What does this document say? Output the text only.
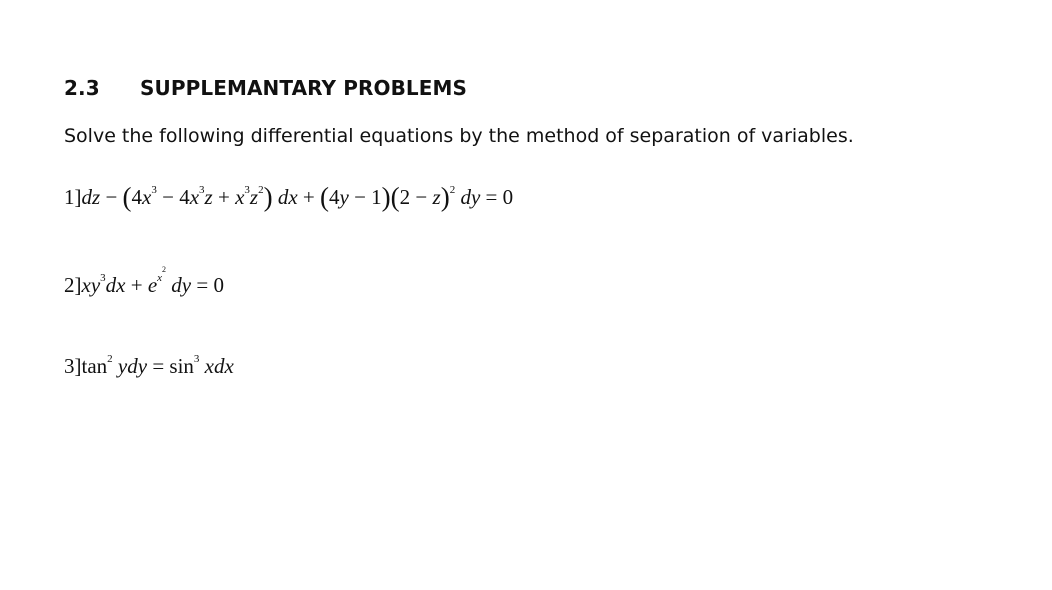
2.3 SUPPLEMANTARY PROBLEMS
Solve the following differential equations by the method of separation of variables.
$1]dz - (4x^3 - 4x^3z + x^3z^2)$ dx + $(4y - 1)(2 - z)^2$ dy = 0
$2]xy^3dx + e^{x^2}$ dy = 0
$3]\tan^2$ ydy = $\sin^3$ xdx
